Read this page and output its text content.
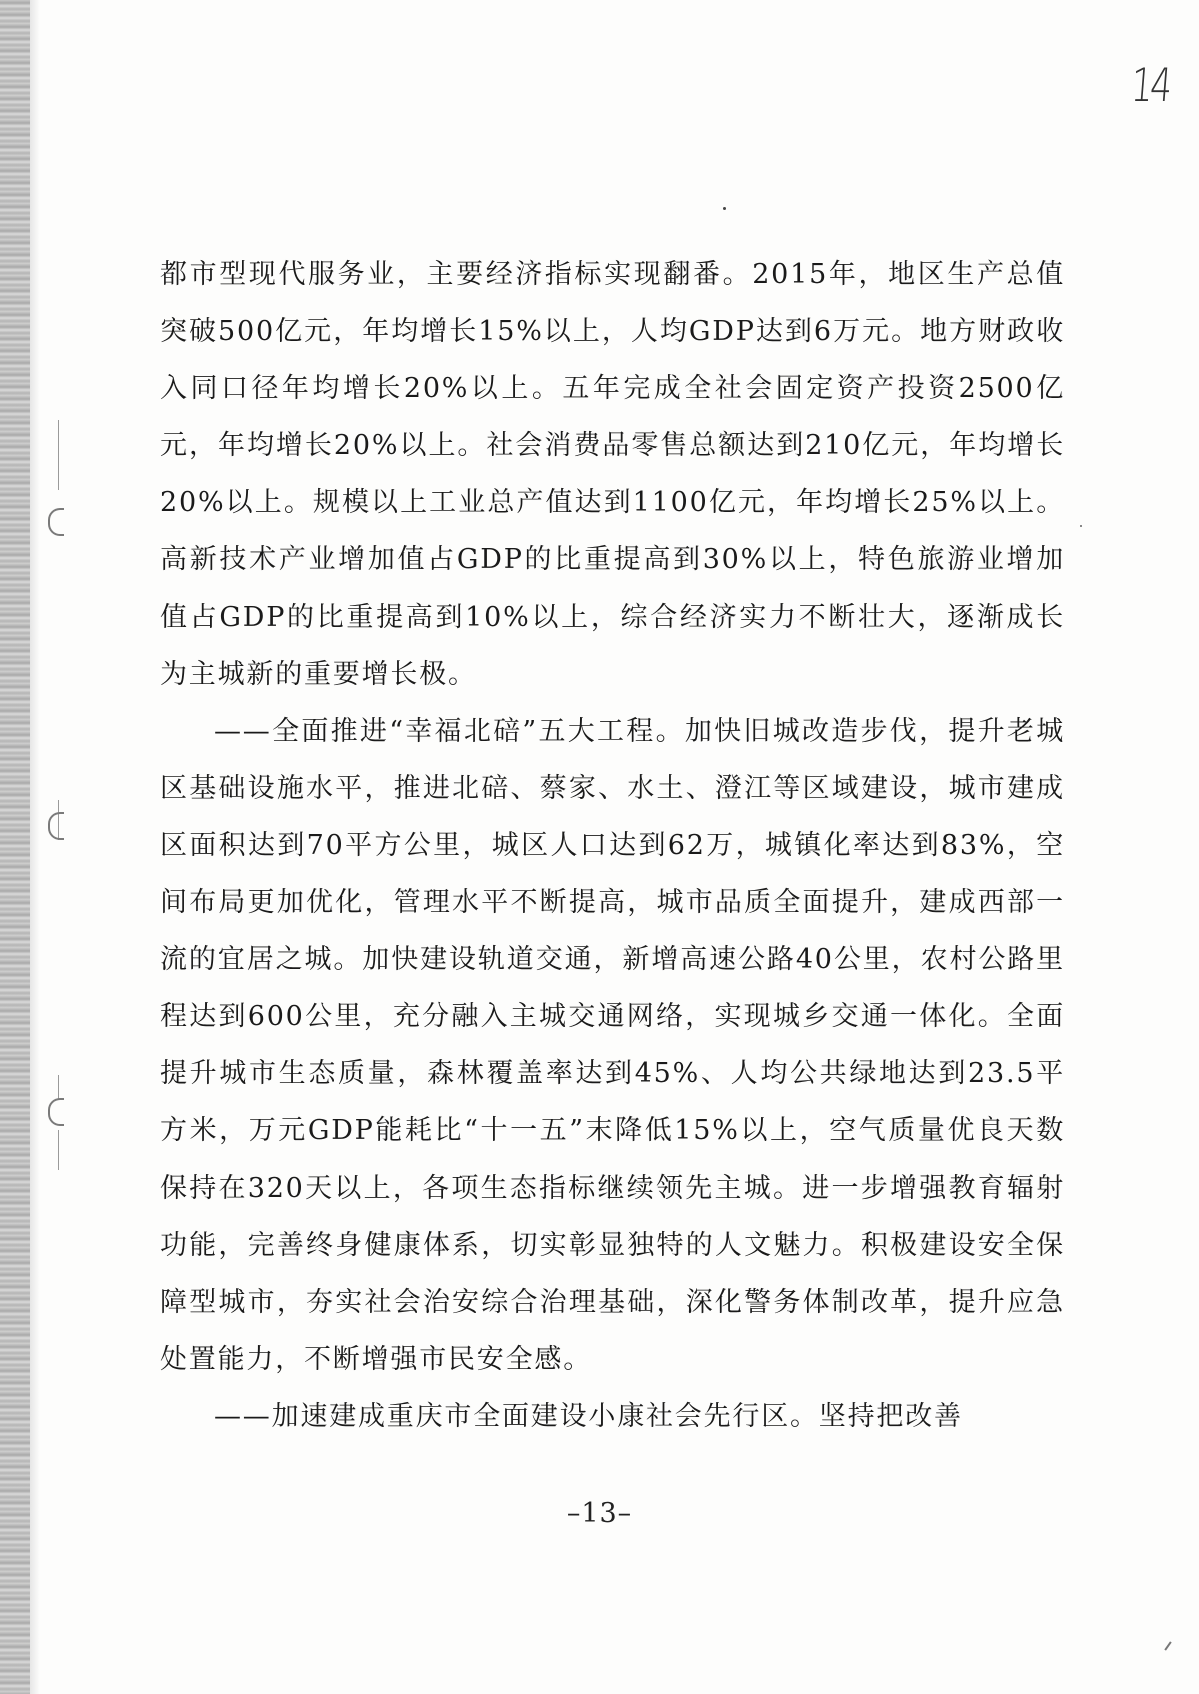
14

都市型现代服务业，主要经济指标实现翻番。2015年，地区生产总值突破500亿元，年均增长15%以上，人均GDP达到6万元。地方财政收入同口径年均增长20%以上。五年完成全社会固定资产投资2500亿元，年均增长20%以上。社会消费品零售总额达到210亿元，年均增长20%以上。规模以上工业总产值达到1100亿元，年均增长25%以上。高新技术产业增加值占GDP的比重提高到30%以上，特色旅游业增加值占GDP的比重提高到10%以上，综合经济实力不断壮大，逐渐成长为主城新的重要增长极。

——全面推进“幸福北碚”五大工程。加快旧城改造步伐，提升老城区基础设施水平，推进北碚、蔡家、水土、澄江等区域建设，城市建成区面积达到70平方公里，城区人口达到62万，城镇化率达到83%，空间布局更加优化，管理水平不断提高，城市品质全面提升，建成西部一流的宜居之城。加快建设轨道交通，新增高速公路40公里，农村公路里程达到600公里，充分融入主城交通网络，实现城乡交通一体化。全面提升城市生态质量，森林覆盖率达到45%、人均公共绿地达到23.5平方米，万元GDP能耗比“十一五”末降低15%以上，空气质量优良天数保持在320天以上，各项生态指标继续领先主城。进一步增强教育辐射功能，完善终身健康体系，切实彰显独特的人文魅力。积极建设安全保障型城市，夯实社会治安综合治理基础，深化警务体制改革，提升应急处置能力，不断增强市民安全感。

——加速建成重庆市全面建设小康社会先行区。坚持把改善

–13–
